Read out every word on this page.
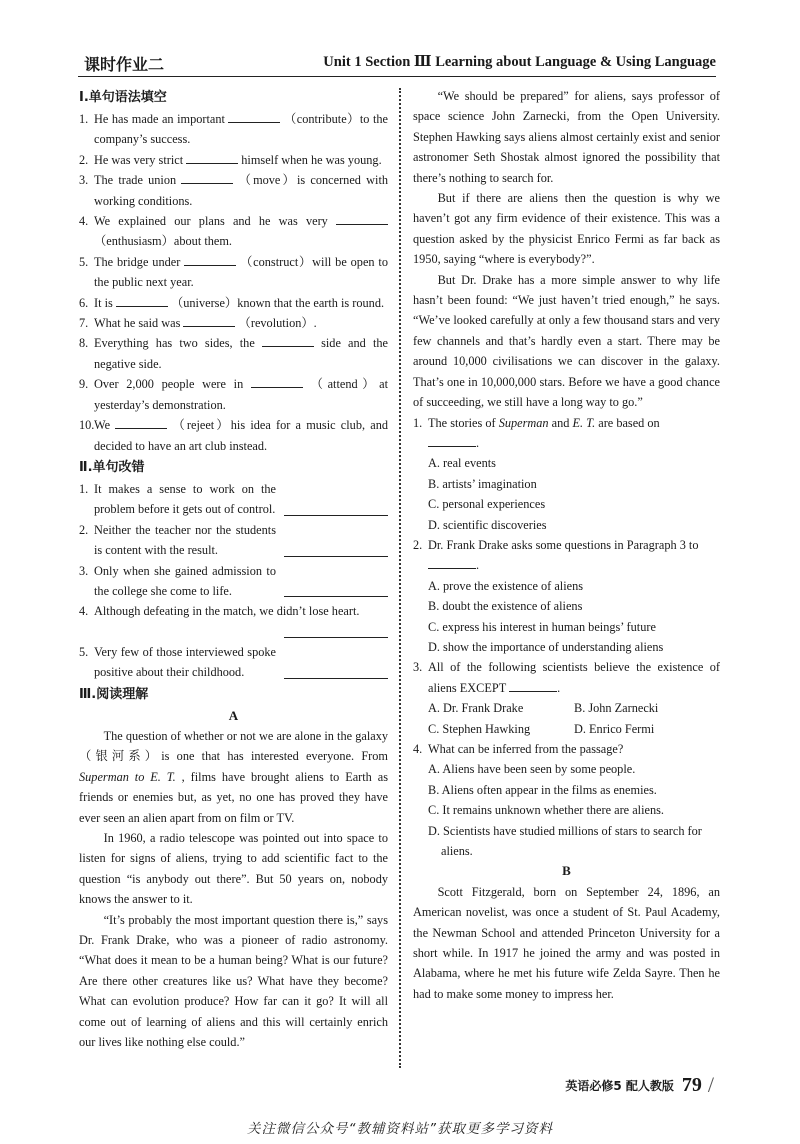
课时作业二	Unit 1 Section Ⅲ Learning about Language & Using Language
Ⅰ.单句语法填空
1. He has made an important	（contribute）to the company’s success.
2. He was very strict	himself when he was young.
3. The trade union	（move）is concerned with working conditions.
4. We explained our plans and he was very  （enthusiasm）about them.
5. The bridge under	（construct）will be open to the public next year.
6. It is	（universe）known that the earth is round.
7. What he said was	（revolution）.
8. Everything has two sides, the	side and the negative side.
9. Over 2,000 people were in	（attend）at yesterday’s demonstration.
10. We	（rejeet）his idea for a music club, and decided to have an art club instead.
Ⅱ.单句改错
1. It makes a sense to work on the problem before it gets out of control.
2. Neither the teacher nor the students is content with the result.
3. Only when she gained admission to the college she come to life.
4. Although defeating in the match, we didn’t lose heart.
5. Very few of those interviewed spoke positive about their childhood.
Ⅲ.阅读理解
A
The question of whether or not we are alone in the galaxy（银河系）is one that has interested everyone. From Superman to E. T. , films have brought aliens to Earth as friends or enemies but, as yet, no one has proved they have ever seen an alien apart from on film or TV.
In 1960, a radio telescope was pointed out into space to listen for signs of aliens, trying to add scientific fact to the question “is anybody out there”. But 50 years on, nobody knows the answer to it.
“It’s probably the most important question there is,” says Dr. Frank Drake, who was a pioneer of radio astronomy. “What does it mean to be a human being? What is our future? Are there other creatures like us? What have they become? What can evolution produce? How far can it go? It will all come out of learning of aliens and this will certainly enrich our lives like nothing else could.”
“We should be prepared” for aliens, says professor of space science John Zarnecki, from the Open University. Stephen Hawking says aliens almost certainly exist and senior astronomer Seth Shostak almost ignored the possibility that there’s nothing to search for.
But if there are aliens then the question is why we haven’t got any firm evidence of their existence. This was a question asked by the physicist Enrico Fermi as far back as 1950, saying “where is everybody?”.
But Dr. Drake has a more simple answer to why life hasn’t been found: “We just haven’t tried enough,” he says. “We’ve looked carefully at only a few thousand stars and very few channels and that’s hardly even a start. There may be around 10,000 civilisations we can discover in the galaxy. That’s one in 10,000,000 stars. Before we have a good chance of succeeding, we still have a long way to go.”
1. The stories of Superman and E. T. are based on
.
A. real events
B. artists’ imagination
C. personal experiences
D. scientific discoveries
2. Dr. Frank Drake asks some questions in Paragraph 3 to
.
A. prove the existence of aliens
B. doubt the existence of aliens
C. express his interest in human beings’ future
D. show the importance of understanding aliens
3. All of the following scientists believe the existence of aliens EXCEPT	.
A. Dr. Frank Drake	B. John Zarnecki
C. Stephen Hawking	D. Enrico Fermi
4. What can be inferred from the passage?
A. Aliens have been seen by some people.
B. Aliens often appear in the films as enemies.
C. It remains unknown whether there are aliens.
D. Scientists have studied millions of stars to search for aliens.
B
Scott Fitzgerald, born on September 24, 1896, an American novelist, was once a student of St. Paul Academy, the Newman School and attended Princeton University for a short while. In 1917 he joined the army and was posted in Alabama, where he met his future wife Zelda Sayre. Then he had to make some money to impress her.
英语必修5 配人教版 79 /
关注微信公众号“教辅资料站”获取更多学习资料
